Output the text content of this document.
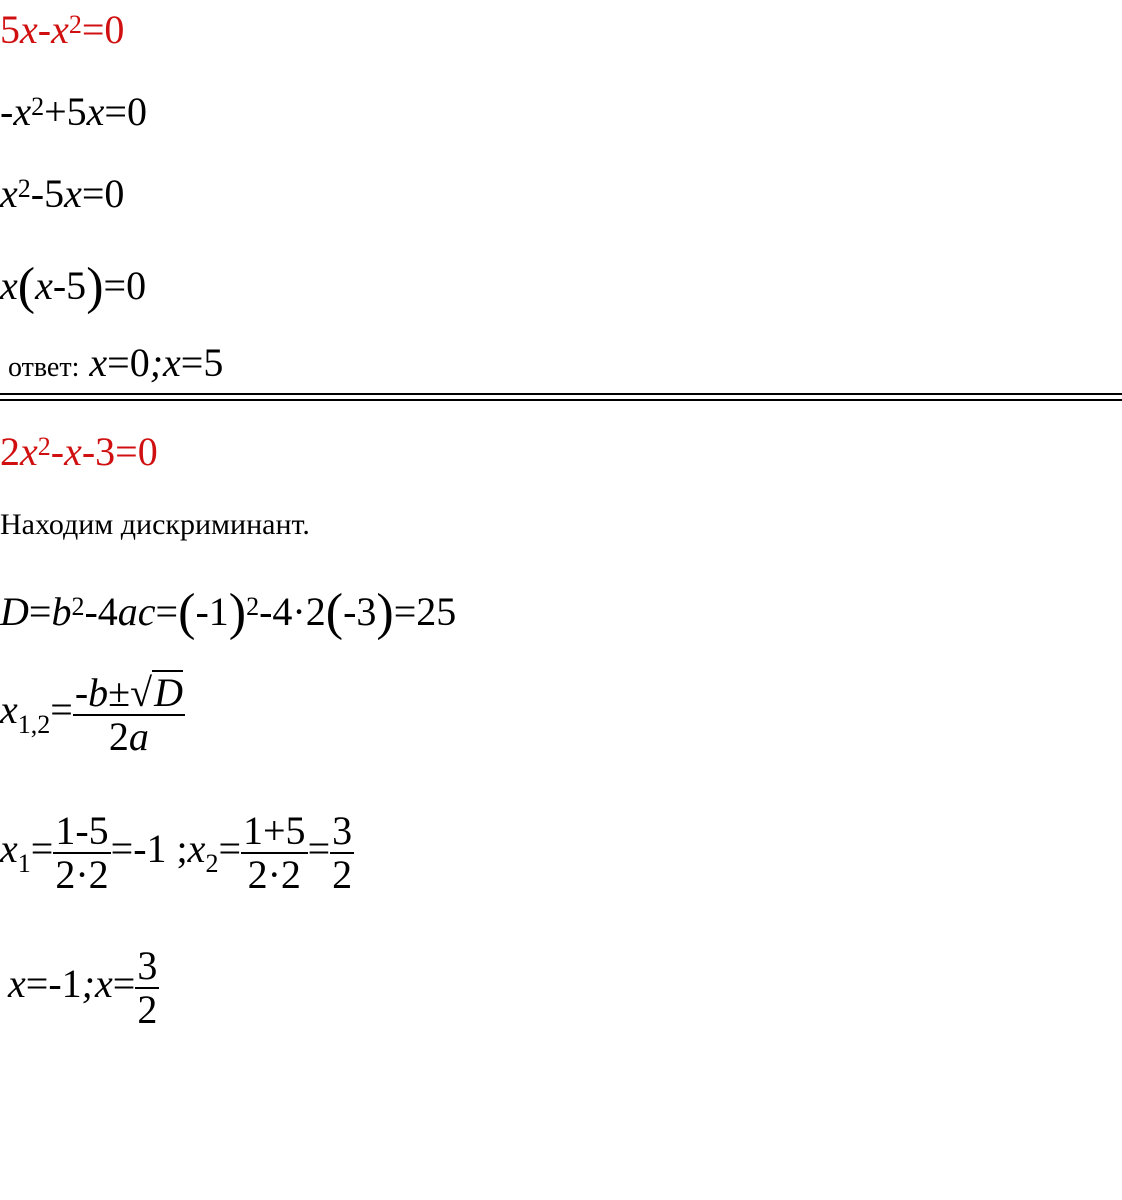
$5x-x^2=0$
$-x^2+5x=0$
$x^2-5x=0$
x(x-5)=0
ответ: x=0;x=5
$2x^2-x-3=0$
Находим дискриминант.
$D=b^2-4ac=(-1)^2-4\cdot 2(-3)=25$
$x_{1,2}= \frac{-b\pm√D}{2a}$
$x_1= \frac{1-5}{2\cdot 2} =-1$ $;x_2= \frac{1+5}{2\cdot 2} = \frac{3}{2}$
x=-1;x= $\frac{3}{2}$
